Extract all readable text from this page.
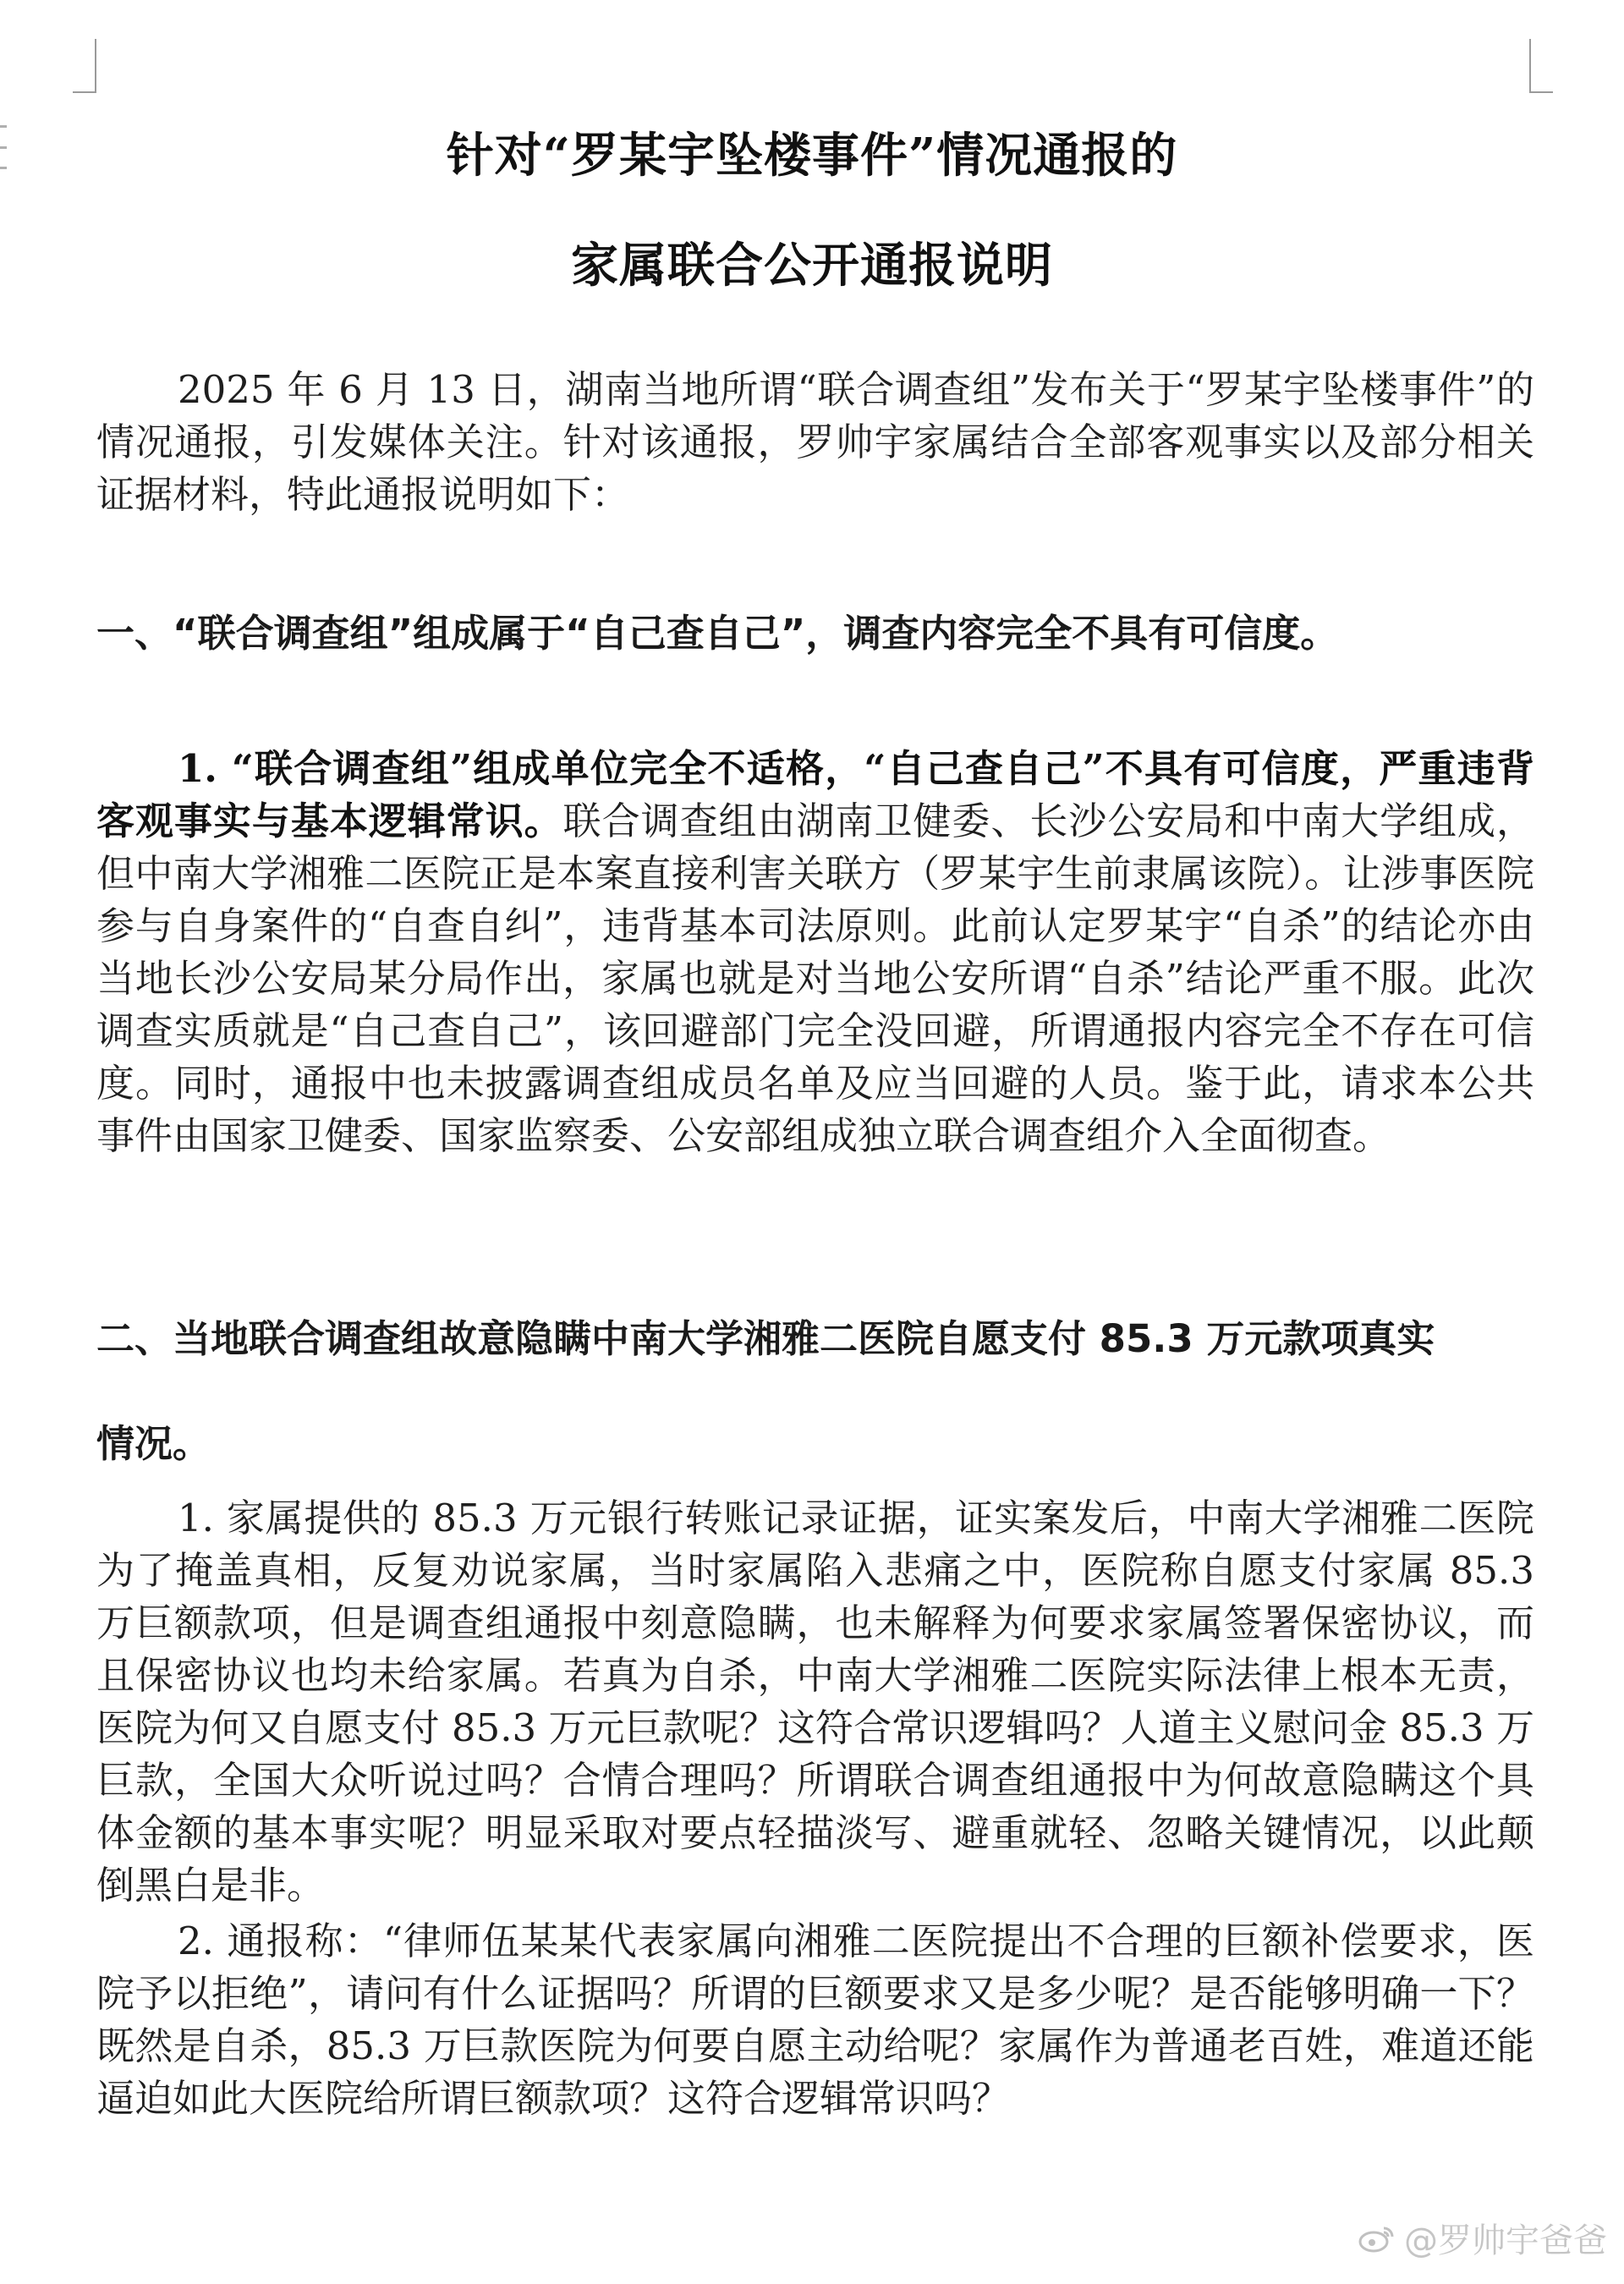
针对“罗某宇坠楼事件”情况通报的
家属联合公开通报说明

2025 年 6 月 13 日，湖南当地所谓“联合调查组”发布关于“罗某宇坠楼事件”的情况通报，引发媒体关注。针对该通报，罗帅宇家属结合全部客观事实以及部分相关证据材料，特此通报说明如下：

一、“联合调查组”组成属于“自己查自己”，调查内容完全不具有可信度。

1. “联合调查组”组成单位完全不适格，“自己查自己”不具有可信度，严重违背客观事实与基本逻辑常识。联合调查组由湖南卫健委、长沙公安局和中南大学组成，但中南大学湘雅二医院正是本案直接利害关联方（罗某宇生前隶属该院）。让涉事医院参与自身案件的“自查自纠”，违背基本司法原则。此前认定罗某宇“自杀”的结论亦由当地长沙公安局某分局作出，家属也就是对当地公安所谓“自杀”结论严重不服。此次调查实质就是“自己查自己”，该回避部门完全没回避，所谓通报内容完全不存在可信度。同时，通报中也未披露调查组成员名单及应当回避的人员。鉴于此，请求本公共事件由国家卫健委、国家监察委、公安部组成独立联合调查组介入全面彻查。

二、当地联合调查组故意隐瞒中南大学湘雅二医院自愿支付 85.3 万元款项真实
情况。

1. 家属提供的 85.3 万元银行转账记录证据，证实案发后，中南大学湘雅二医院为了掩盖真相，反复劝说家属，当时家属陷入悲痛之中，医院称自愿支付家属 85.3 万巨额款项，但是调查组通报中刻意隐瞒，也未解释为何要求家属签署保密协议，而且保密协议也均未给家属。若真为自杀，中南大学湘雅二医院实际法律上根本无责，医院为何又自愿支付 85.3 万元巨款呢？这符合常识逻辑吗？人道主义慰问金 85.3 万巨款，全国大众听说过吗？合情合理吗？所谓联合调查组通报中为何故意隐瞒这个具体金额的基本事实呢？明显采取对要点轻描淡写、避重就轻、忽略关键情况，以此颠倒黑白是非。

2. 通报称：“律师伍某某代表家属向湘雅二医院提出不合理的巨额补偿要求，医院予以拒绝”，请问有什么证据吗？所谓的巨额要求又是多少呢？是否能够明确一下？既然是自杀，85.3 万巨款医院为何要自愿主动给呢？家属作为普通老百姓，难道还能逼迫如此大医院给所谓巨额款项？这符合逻辑常识吗？

@罗帅宇爸爸
